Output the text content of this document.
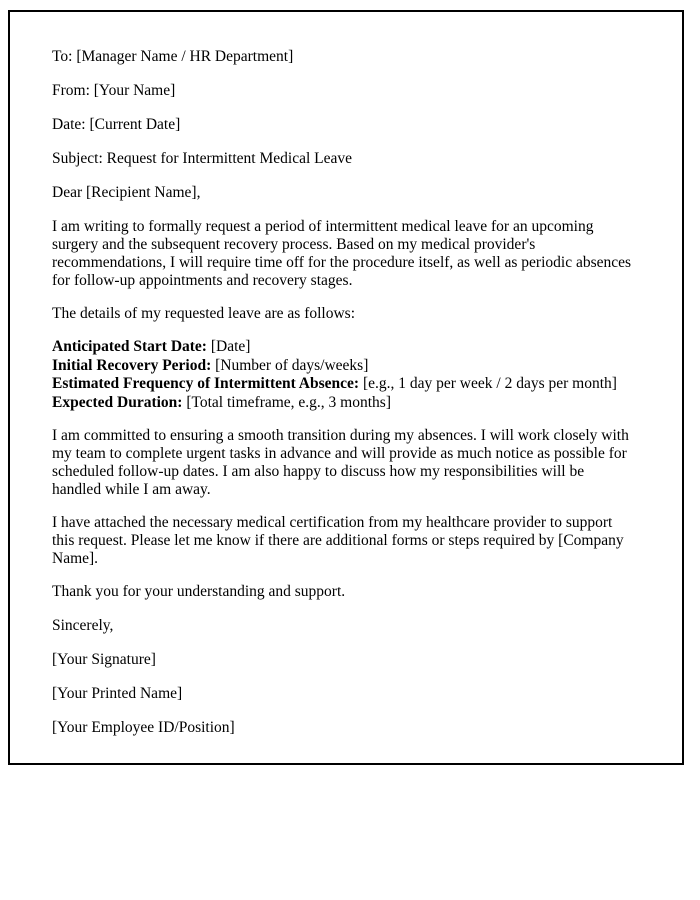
To: [Manager Name / HR Department]
From: [Your Name]
Date: [Current Date]
Subject: Request for Intermittent Medical Leave
Dear [Recipient Name],
I am writing to formally request a period of intermittent medical leave for an upcoming surgery and the subsequent recovery process. Based on my medical provider's recommendations, I will require time off for the procedure itself, as well as periodic absences for follow-up appointments and recovery stages.
The details of my requested leave are as follows:
Anticipated Start Date: [Date]
Initial Recovery Period: [Number of days/weeks]
Estimated Frequency of Intermittent Absence: [e.g., 1 day per week / 2 days per month]
Expected Duration: [Total timeframe, e.g., 3 months]
I am committed to ensuring a smooth transition during my absences. I will work closely with my team to complete urgent tasks in advance and will provide as much notice as possible for scheduled follow-up dates. I am also happy to discuss how my responsibilities will be handled while I am away.
I have attached the necessary medical certification from my healthcare provider to support this request. Please let me know if there are additional forms or steps required by [Company Name].
Thank you for your understanding and support.
Sincerely,
[Your Signature]
[Your Printed Name]
[Your Employee ID/Position]
